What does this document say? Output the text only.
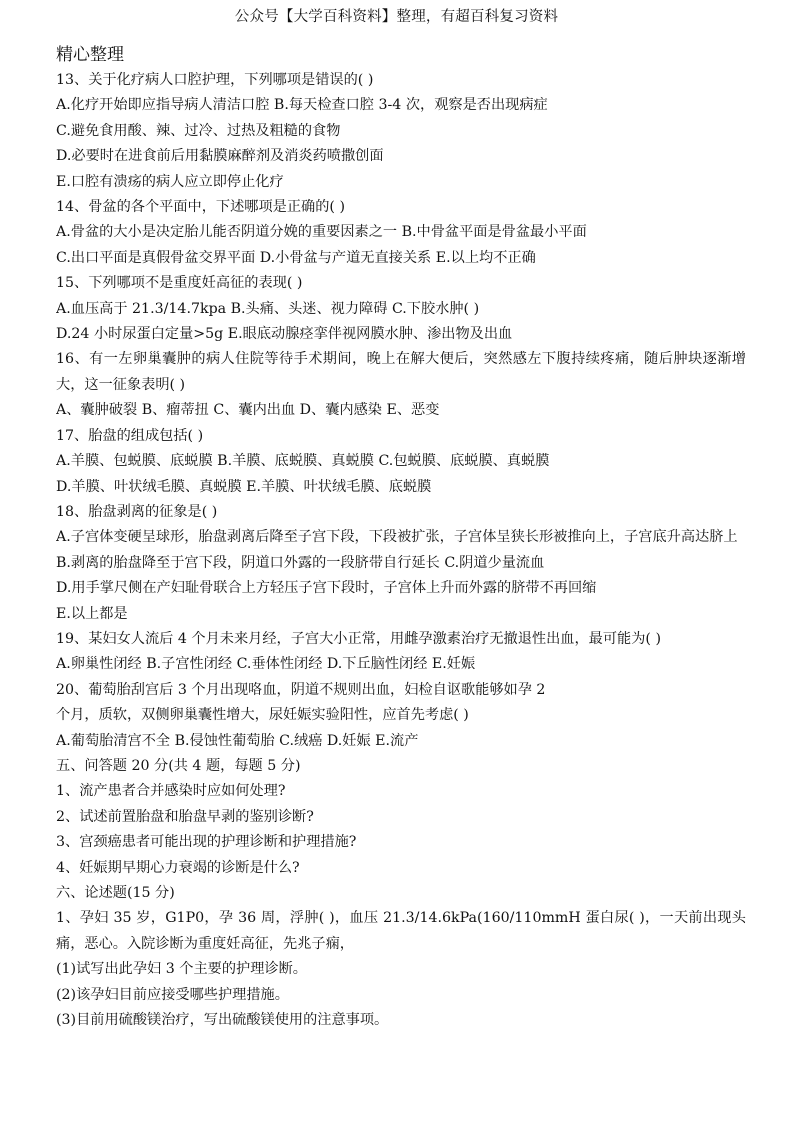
公众号【大学百科资料】整理，有超百科复习资料
精心整理
13、关于化疗病人口腔护理，下列哪项是错误的( )
A.化疗开始即应指导病人清洁口腔 B.每天检查口腔 3-4 次，观察是否出现病症
C.避免食用酸、辣、过冷、过热及粗糙的食物
D.必要时在进食前后用黏膜麻醉剂及消炎药喷撒创面
E.口腔有溃疡的病人应立即停止化疗
14、骨盆的各个平面中，下述哪项是正确的( )
A.骨盆的大小是决定胎儿能否阴道分娩的重要因素之一 B.中骨盆平面是骨盆最小平面
C.出口平面是真假骨盆交界平面 D.小骨盆与产道无直接关系 E.以上均不正确
15、下列哪项不是重度妊高征的表现( )
A.血压高于 21.3/14.7kpa B.头痛、头迷、视力障碍 C.下胶水肿( )
D.24 小时尿蛋白定量>5g E.眼底动腺痉挛伴视网膜水肿、渗出物及出血
16、有一左卵巢囊肿的病人住院等待手术期间，晚上在解大便后，突然感左下腹持续疼痛，随后肿块逐渐增大，这一征象表明( )
A、囊肿破裂 B、瘤蒂扭 C、囊内出血 D、囊内感染 E、恶变
17、胎盘的组成包括( )
A.羊膜、包蜕膜、底蜕膜 B.羊膜、底蜕膜、真蜕膜 C.包蜕膜、底蜕膜、真蜕膜
D.羊膜、叶状绒毛膜、真蜕膜 E.羊膜、叶状绒毛膜、底蜕膜
18、胎盘剥离的征象是( )
A.子宫体变硬呈球形，胎盘剥离后降至子宫下段，下段被扩张，子宫体呈狭长形被推向上，子宫底升高达脐上
B.剥离的胎盘降至于宫下段，阴道口外露的一段脐带自行延长 C.阴道少量流血
D.用手掌尺侧在产妇耻骨联合上方轻压子宫下段时，子宫体上升而外露的脐带不再回缩
E.以上都是
19、某妇女人流后 4 个月未来月经，子宫大小正常，用雌孕激素治疗无撤退性出血，最可能为( )
A.卵巢性闭经 B.子宫性闭经 C.垂体性闭经 D.下丘脑性闭经 E.妊娠
20、葡萄胎刮宫后 3 个月出现咯血，阴道不规则出血，妇检自讴歌能够如孕 2
个月，质软，双侧卵巢囊性增大，尿妊娠实验阳性，应首先考虑( )
A.葡萄胎清宫不全 B.侵蚀性葡萄胎 C.绒癌 D.妊娠 E.流产
五、问答题 20 分(共 4 题，每题 5 分)
1、流产患者合并感染时应如何处理?
2、试述前置胎盘和胎盘早剥的鉴别诊断?
3、宫颈癌患者可能出现的护理诊断和护理措施?
4、妊娠期早期心力衰竭的诊断是什么?
六、论述题(15 分)
1、孕妇 35 岁，G1P0，孕 36 周，浮肿( )，血压 21.3/14.6kPa(160/110mmH 蛋白尿( )，一天前出现头痛，恶心。入院诊断为重度妊高征，先兆子痫，
(1)试写出此孕妇 3 个主要的护理诊断。
(2)该孕妇目前应接受哪些护理措施。
(3)目前用硫酸镁治疗，写出硫酸镁使用的注意事项。
